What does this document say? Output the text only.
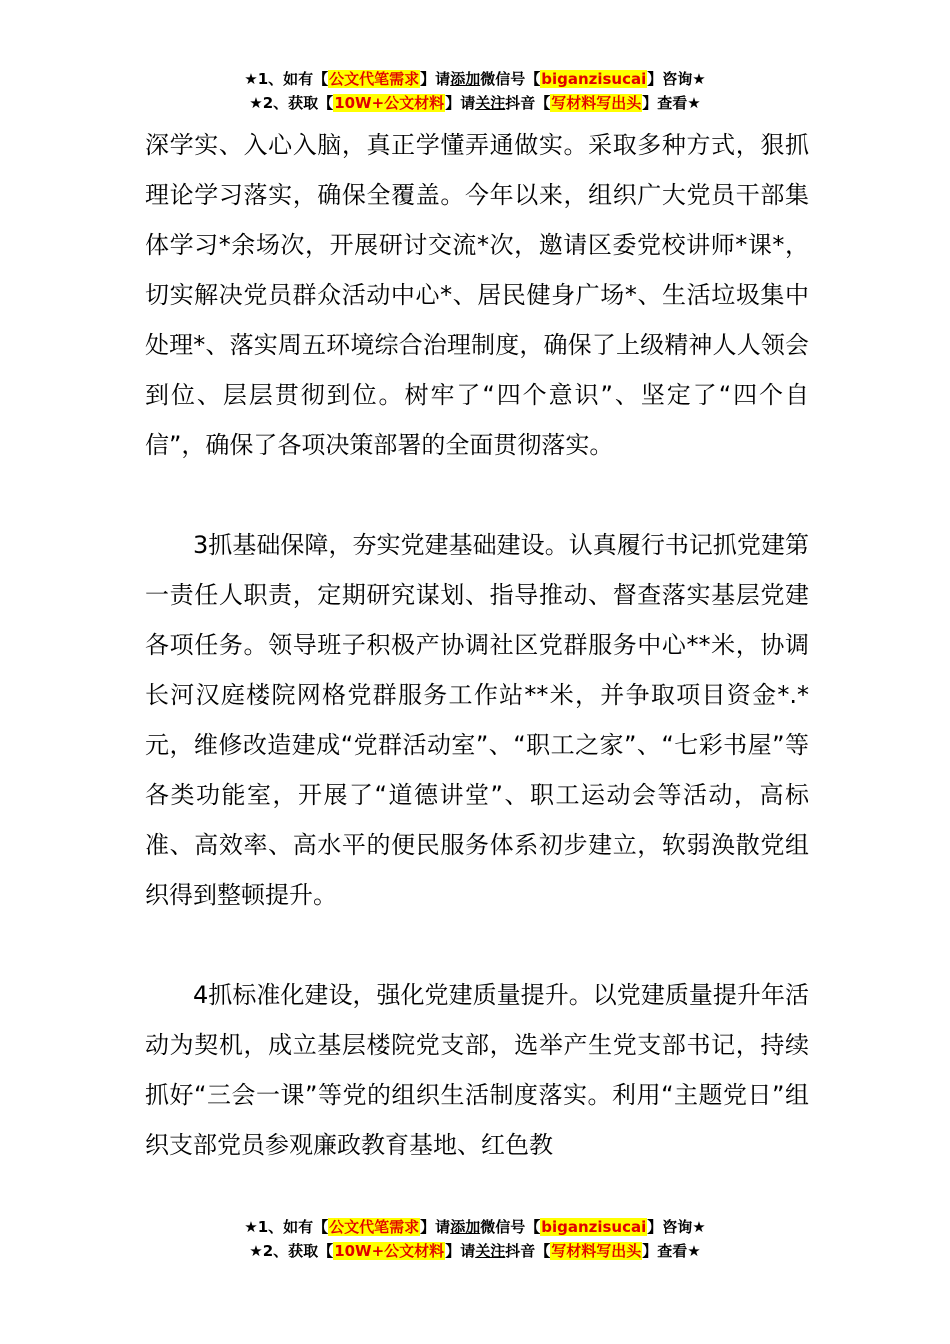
★1、如有【公文代笔需求】请添加微信号【biganzisucai】咨询★
★2、获取【10W+公文材料】请关注抖音【写材料写出头】查看★

深学实、入心入脑，真正学懂弄通做实。采取多种方式，狠抓理论学习落实，确保全覆盖。今年以来，组织广大党员干部集体学习*余场次，开展研讨交流*次，邀请区委党校讲师*课*，切实解决党员群众活动中心*、居民健身广场*、生活垃圾集中处理*、落实周五环境综合治理制度，确保了上级精神人人领会到位、层层贯彻到位。树牢了“四个意识”、坚定了“四个自信”，确保了各项决策部署的全面贯彻落实。

3抓基础保障，夯实党建基础建设。认真履行书记抓党建第一责任人职责，定期研究谋划、指导推动、督查落实基层党建各项任务。领导班子积极产协调社区党群服务中心**米，协调长河汉庭楼院网格党群服务工作站**米，并争取项目资金*.*元，维修改造建成“党群活动室”、“职工之家”、“七彩书屋”等各类功能室，开展了“道德讲堂”、职工运动会等活动，高标准、高效率、高水平的便民服务体系初步建立，软弱涣散党组织得到整顿提升。

4抓标准化建设，强化党建质量提升。以党建质量提升年活动为契机，成立基层楼院党支部，选举产生党支部书记，持续抓好“三会一课”等党的组织生活制度落实。利用“主题党日”组织支部党员参观廉政教育基地、红色教

★1、如有【公文代笔需求】请添加微信号【biganzisucai】咨询★
★2、获取【10W+公文材料】请关注抖音【写材料写出头】查看★
